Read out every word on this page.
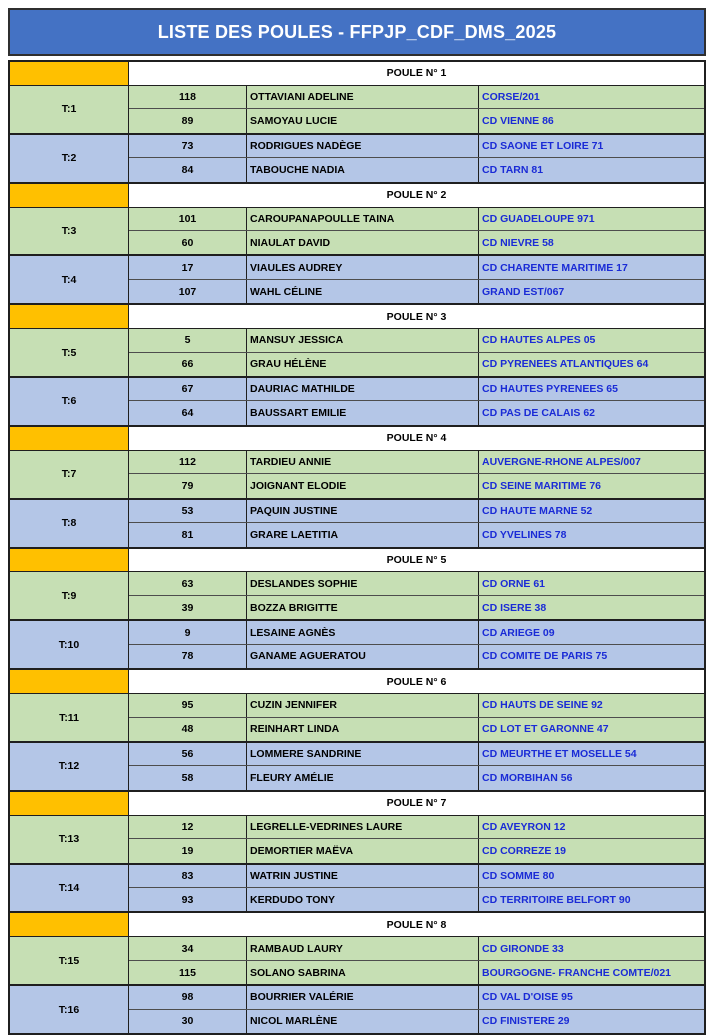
LISTE DES POULES - FFPJP_CDF_DMS_2025
POULE N° 1
T:1
118	OTTAVIANI ADELINE	CORSE/201
89	SAMOYAU LUCIE	CD VIENNE 86
T:2
73	RODRIGUES NADÈGE	CD SAONE ET LOIRE 71
84	TABOUCHE NADIA	CD TARN 81
POULE N° 2
T:3
101	CAROUPANAPOULLE TAINA	CD GUADELOUPE 971
60	NIAULAT DAVID	CD NIEVRE 58
T:4
17	VIAULES AUDREY	CD CHARENTE MARITIME 17
107	WAHL CÉLINE	GRAND EST/067
POULE N° 3
T:5
5	MANSUY JESSICA	CD HAUTES ALPES 05
66	GRAU HÉLÈNE	CD PYRENEES ATLANTIQUES 64
T:6
67	DAURIAC MATHILDE	CD HAUTES PYRENEES 65
64	BAUSSART EMILIE	CD PAS DE CALAIS 62
POULE N° 4
T:7
112	TARDIEU ANNIE	AUVERGNE-RHONE ALPES/007
79	JOIGNANT ELODIE	CD SEINE MARITIME 76
T:8
53	PAQUIN JUSTINE	CD HAUTE MARNE 52
81	GRARE LAETITIA	CD YVELINES 78
POULE N° 5
T:9
63	DESLANDES SOPHIE	CD ORNE 61
39	BOZZA BRIGITTE	CD ISERE 38
T:10
9	LESAINE AGNÈS	CD ARIEGE 09
78	GANAME AGUERATOU	CD COMITE DE PARIS 75
POULE N° 6
T:11
95	CUZIN JENNIFER	CD HAUTS DE SEINE 92
48	REINHART LINDA	CD LOT ET GARONNE 47
T:12
56	LOMMERE SANDRINE	CD MEURTHE ET MOSELLE 54
58	FLEURY AMÉLIE	CD MORBIHAN 56
POULE N° 7
T:13
12	LEGRELLE-VEDRINES LAURE	CD AVEYRON 12
19	DEMORTIER MAËVA	CD CORREZE 19
T:14
83	WATRIN JUSTINE	CD SOMME 80
93	KERDUDO TONY	CD TERRITOIRE BELFORT 90
POULE N° 8
T:15
34	RAMBAUD LAURY	CD GIRONDE 33
115	SOLANO SABRINA	BOURGOGNE- FRANCHE COMTE/021
T:16
98	BOURRIER VALÉRIE	CD VAL D'OISE 95
30	NICOL MARLÈNE	CD FINISTERE 29
